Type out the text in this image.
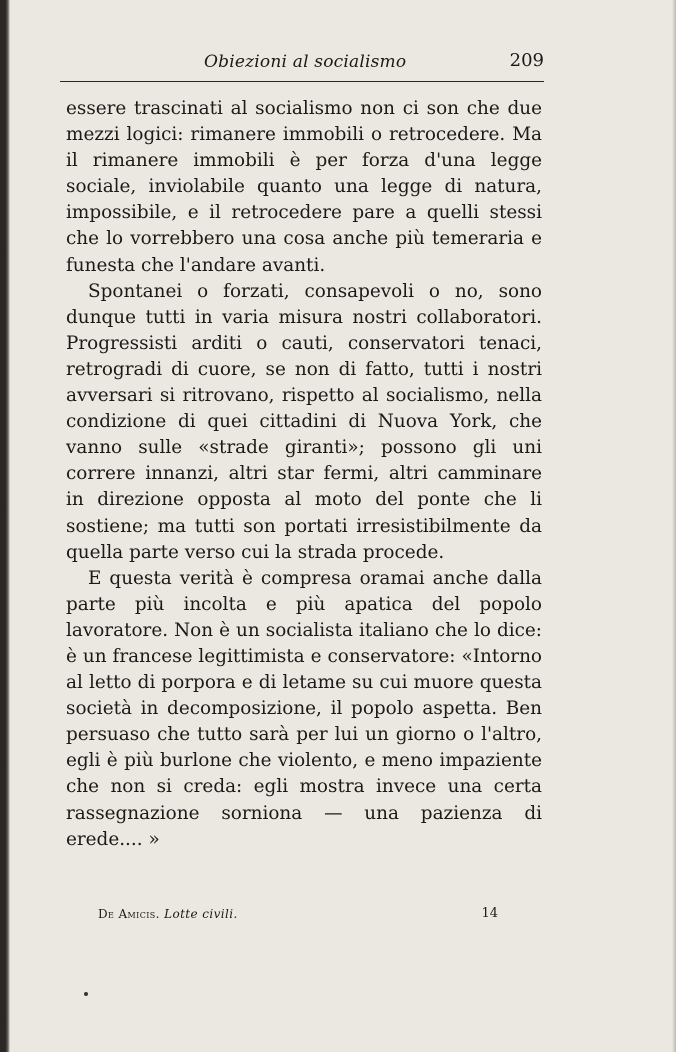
Obiezioni al socialismo	209

essere trascinati al socialismo non ci son che due mezzi logici: rimanere immobili o retrocedere. Ma il rimanere immobili è per forza d'una legge sociale, inviolabile quanto una legge di natura, impossibile, e il retrocedere pare a quelli stessi che lo vorrebbero una cosa anche più temeraria e funesta che l'andare avanti.

Spontanei o forzati, consapevoli o no, sono dunque tutti in varia misura nostri collaboratori. Progressisti arditi o cauti, conservatori tenaci, retrogradi di cuore, se non di fatto, tutti i nostri avversari si ritrovano, rispetto al socialismo, nella condizione di quei cittadini di Nuova York, che vanno sulle «strade giranti»; possono gli uni correre innanzi, altri star fermi, altri camminare in direzione opposta al moto del ponte che li sostiene; ma tutti son portati irresistibilmente da quella parte verso cui la strada procede.

E questa verità è compresa oramai anche dalla parte più incolta e più apatica del popolo lavoratore. Non è un socialista italiano che lo dice: è un francese legittimista e conservatore: «Intorno al letto di porpora e di letame su cui muore questa società in decomposizione, il popolo aspetta. Ben persuaso che tutto sarà per lui un giorno o l'altro, egli è più burlone che violento, e meno impaziente che non si creda: egli mostra invece una certa rassegnazione sorniona — una pazienza di erede.... »

De Amicis. Lotte civili.	14
